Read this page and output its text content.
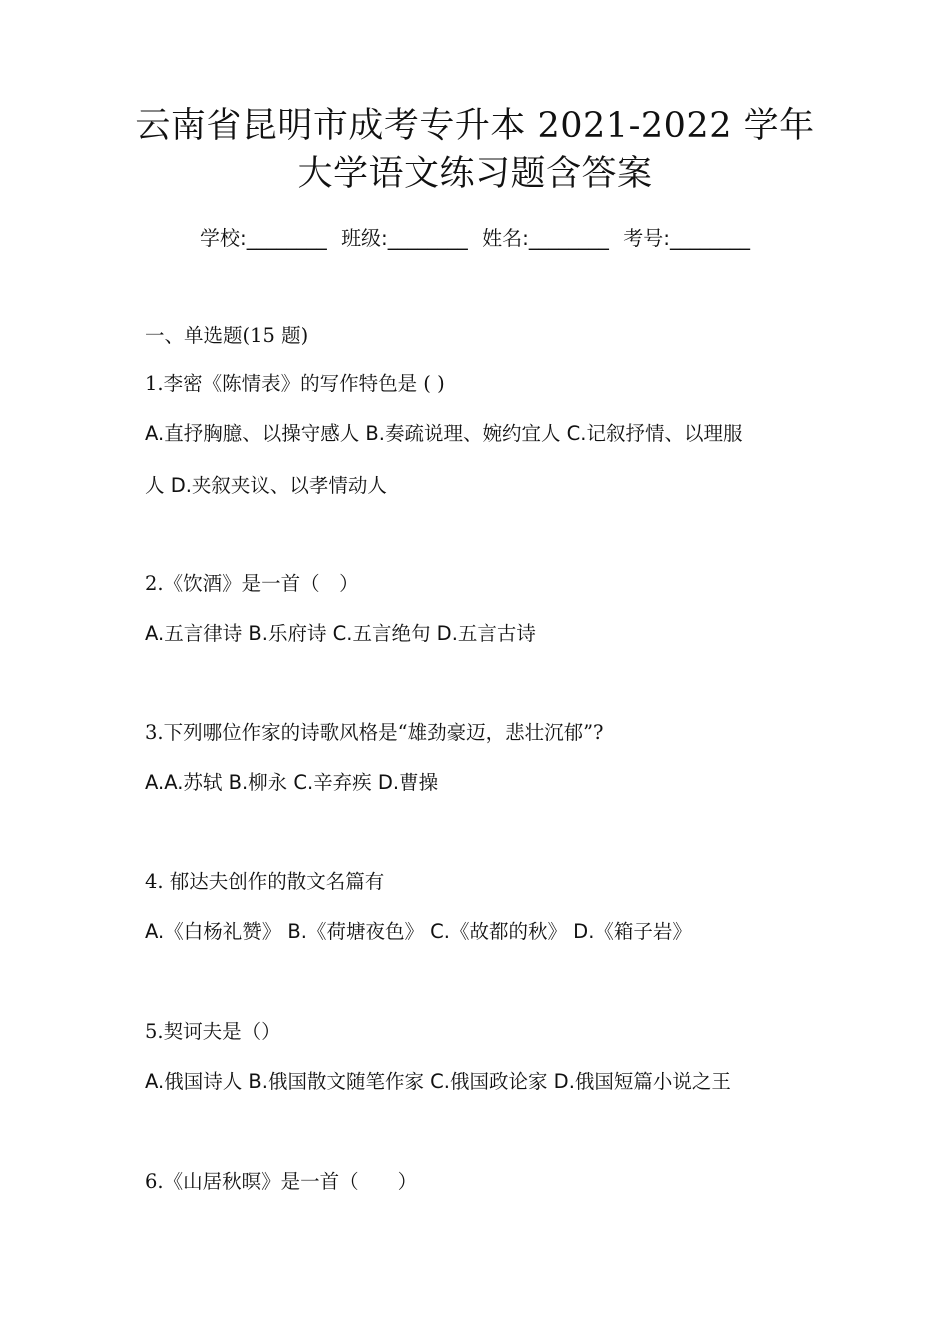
云南省昆明市成考专升本 2021-2022 学年
大学语文练习题含答案
学校:________ 班级:________ 姓名:________ 考号:________
一、单选题(15 题)
1.李密《陈情表》的写作特色是 ( )
A.直抒胸臆、以操守感人 B.奏疏说理、婉约宜人 C.记叙抒情、以理服
人 D.夹叙夹议、以孝情动人
2.《饮酒》是一首（　）
A.五言律诗 B.乐府诗 C.五言绝句 D.五言古诗
3.下列哪位作家的诗歌风格是“雄劲豪迈，悲壮沉郁”?
A.A.苏轼 B.柳永 C.辛弃疾 D.曹操
4. 郁达夫创作的散文名篇有
A.《白杨礼赞》 B.《荷塘夜色》 C.《故都的秋》 D.《箱子岩》
5.契诃夫是（）
A.俄国诗人 B.俄国散文随笔作家 C.俄国政论家 D.俄国短篇小说之王
6.《山居秋暝》是一首（　　）
